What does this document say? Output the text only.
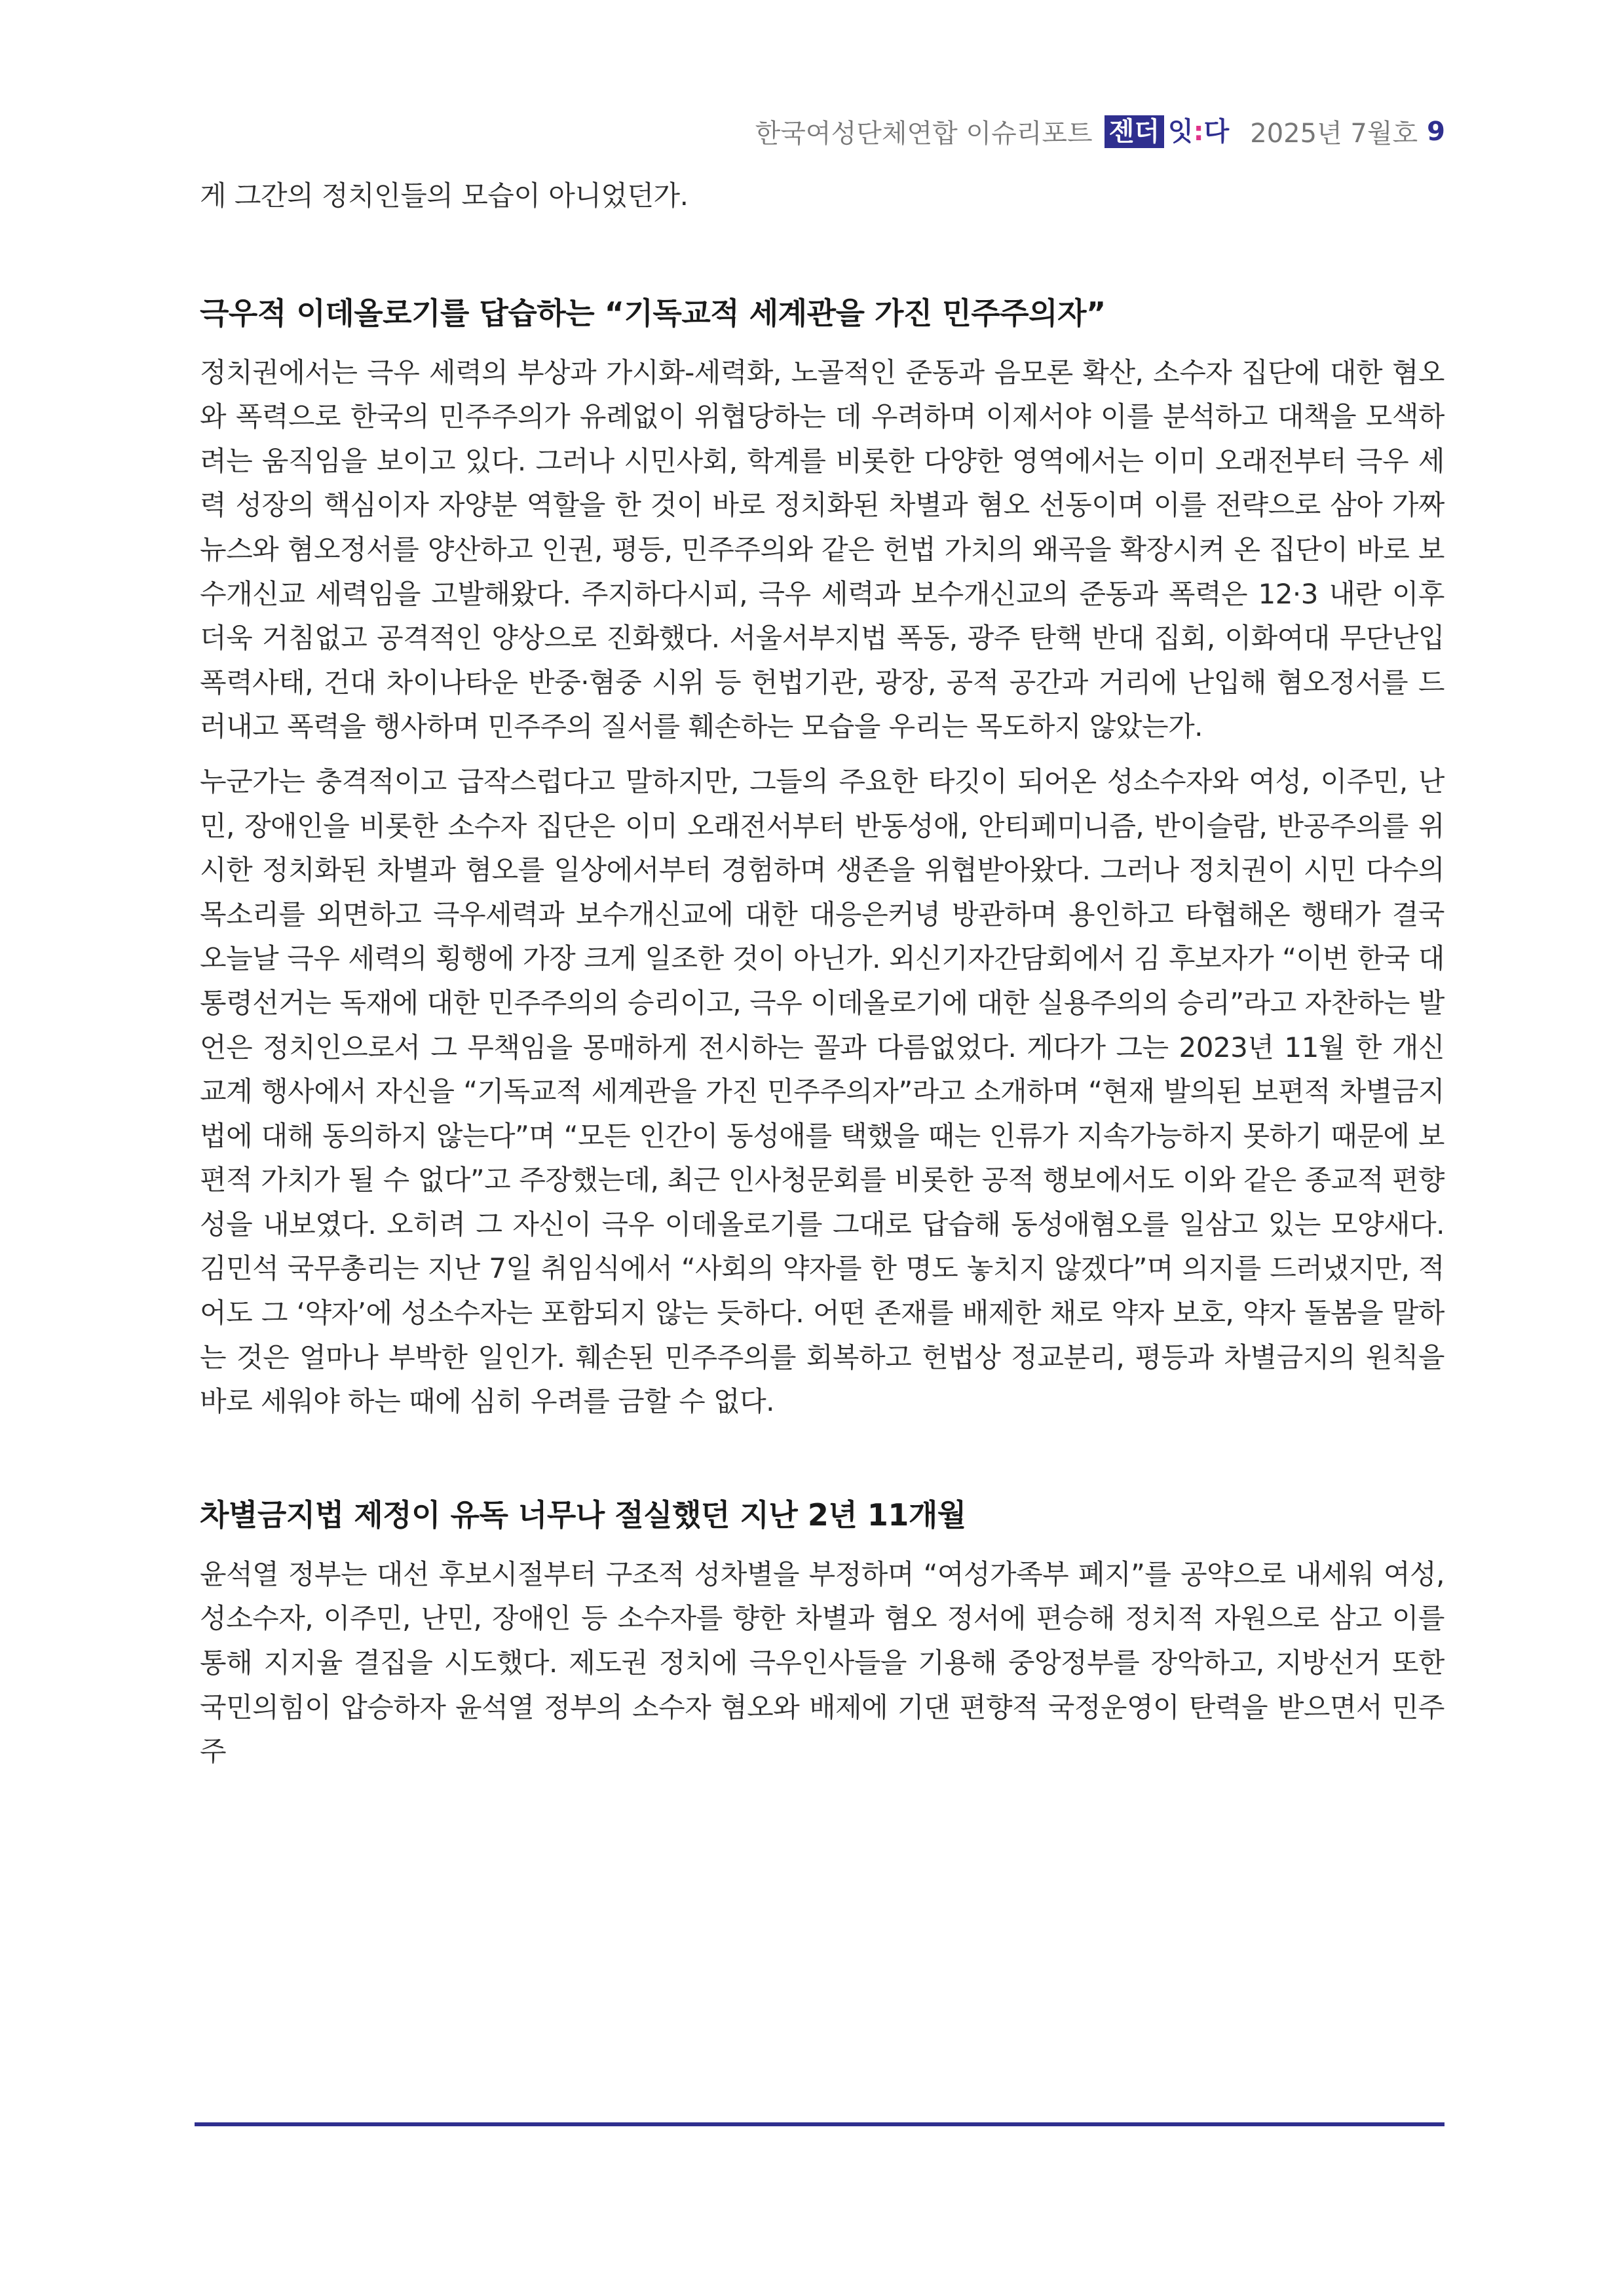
한국여성단체연합 이슈리포트 젠더 잇:다 2025년 7월호 9

게 그간의 정치인들의 모습이 아니었던가.

극우적 이데올로기를 답습하는 “기독교적 세계관을 가진 민주주의자”

정치권에서는 극우 세력의 부상과 가시화-세력화, 노골적인 준동과 음모론 확산, 소수자 집단에 대한 혐오와 폭력으로 한국의 민주주의가 유례없이 위협당하는 데 우려하며 이제서야 이를 분석하고 대책을 모색하려는 움직임을 보이고 있다. 그러나 시민사회, 학계를 비롯한 다양한 영역에서는 이미 오래전부터 극우 세력 성장의 핵심이자 자양분 역할을 한 것이 바로 정치화된 차별과 혐오 선동이며 이를 전략으로 삼아 가짜뉴스와 혐오정서를 양산하고 인권, 평등, 민주주의와 같은 헌법 가치의 왜곡을 확장시켜 온 집단이 바로 보수개신교 세력임을 고발해왔다. 주지하다시피, 극우 세력과 보수개신교의 준동과 폭력은 12·3 내란 이후 더욱 거침없고 공격적인 양상으로 진화했다. 서울서부지법 폭동, 광주 탄핵 반대 집회, 이화여대 무단난입 폭력사태, 건대 차이나타운 반중·혐중 시위 등 헌법기관, 광장, 공적 공간과 거리에 난입해 혐오정서를 드러내고 폭력을 행사하며 민주주의 질서를 훼손하는 모습을 우리는 목도하지 않았는가.

누군가는 충격적이고 급작스럽다고 말하지만, 그들의 주요한 타깃이 되어온 성소수자와 여성, 이주민, 난민, 장애인을 비롯한 소수자 집단은 이미 오래전서부터 반동성애, 안티페미니즘, 반이슬람, 반공주의를 위시한 정치화된 차별과 혐오를 일상에서부터 경험하며 생존을 위협받아왔다. 그러나 정치권이 시민 다수의 목소리를 외면하고 극우세력과 보수개신교에 대한 대응은커녕 방관하며 용인하고 타협해온 행태가 결국 오늘날 극우 세력의 횡행에 가장 크게 일조한 것이 아닌가. 외신기자간담회에서 김 후보자가 “이번 한국 대통령선거는 독재에 대한 민주주의의 승리이고, 극우 이데올로기에 대한 실용주의의 승리”라고 자찬하는 발언은 정치인으로서 그 무책임을 몽매하게 전시하는 꼴과 다름없었다. 게다가 그는 2023년 11월 한 개신교계 행사에서 자신을 “기독교적 세계관을 가진 민주주의자”라고 소개하며 “현재 발의된 보편적 차별금지법에 대해 동의하지 않는다”며 “모든 인간이 동성애를 택했을 때는 인류가 지속가능하지 못하기 때문에 보편적 가치가 될 수 없다”고 주장했는데, 최근 인사청문회를 비롯한 공적 행보에서도 이와 같은 종교적 편향성을 내보였다. 오히려 그 자신이 극우 이데올로기를 그대로 답습해 동성애혐오를 일삼고 있는 모양새다. 김민석 국무총리는 지난 7일 취임식에서 “사회의 약자를 한 명도 놓치지 않겠다”며 의지를 드러냈지만, 적어도 그 ‘약자’에 성소수자는 포함되지 않는 듯하다. 어떤 존재를 배제한 채로 약자 보호, 약자 돌봄을 말하는 것은 얼마나 부박한 일인가. 훼손된 민주주의를 회복하고 헌법상 정교분리, 평등과 차별금지의 원칙을 바로 세워야 하는 때에 심히 우려를 금할 수 없다.

차별금지법 제정이 유독 너무나 절실했던 지난 2년 11개월

윤석열 정부는 대선 후보시절부터 구조적 성차별을 부정하며 “여성가족부 폐지”를 공약으로 내세워 여성, 성소수자, 이주민, 난민, 장애인 등 소수자를 향한 차별과 혐오 정서에 편승해 정치적 자원으로 삼고 이를 통해 지지율 결집을 시도했다. 제도권 정치에 극우인사들을 기용해 중앙정부를 장악하고, 지방선거 또한 국민의힘이 압승하자 윤석열 정부의 소수자 혐오와 배제에 기댄 편향적 국정운영이 탄력을 받으면서 민주주
